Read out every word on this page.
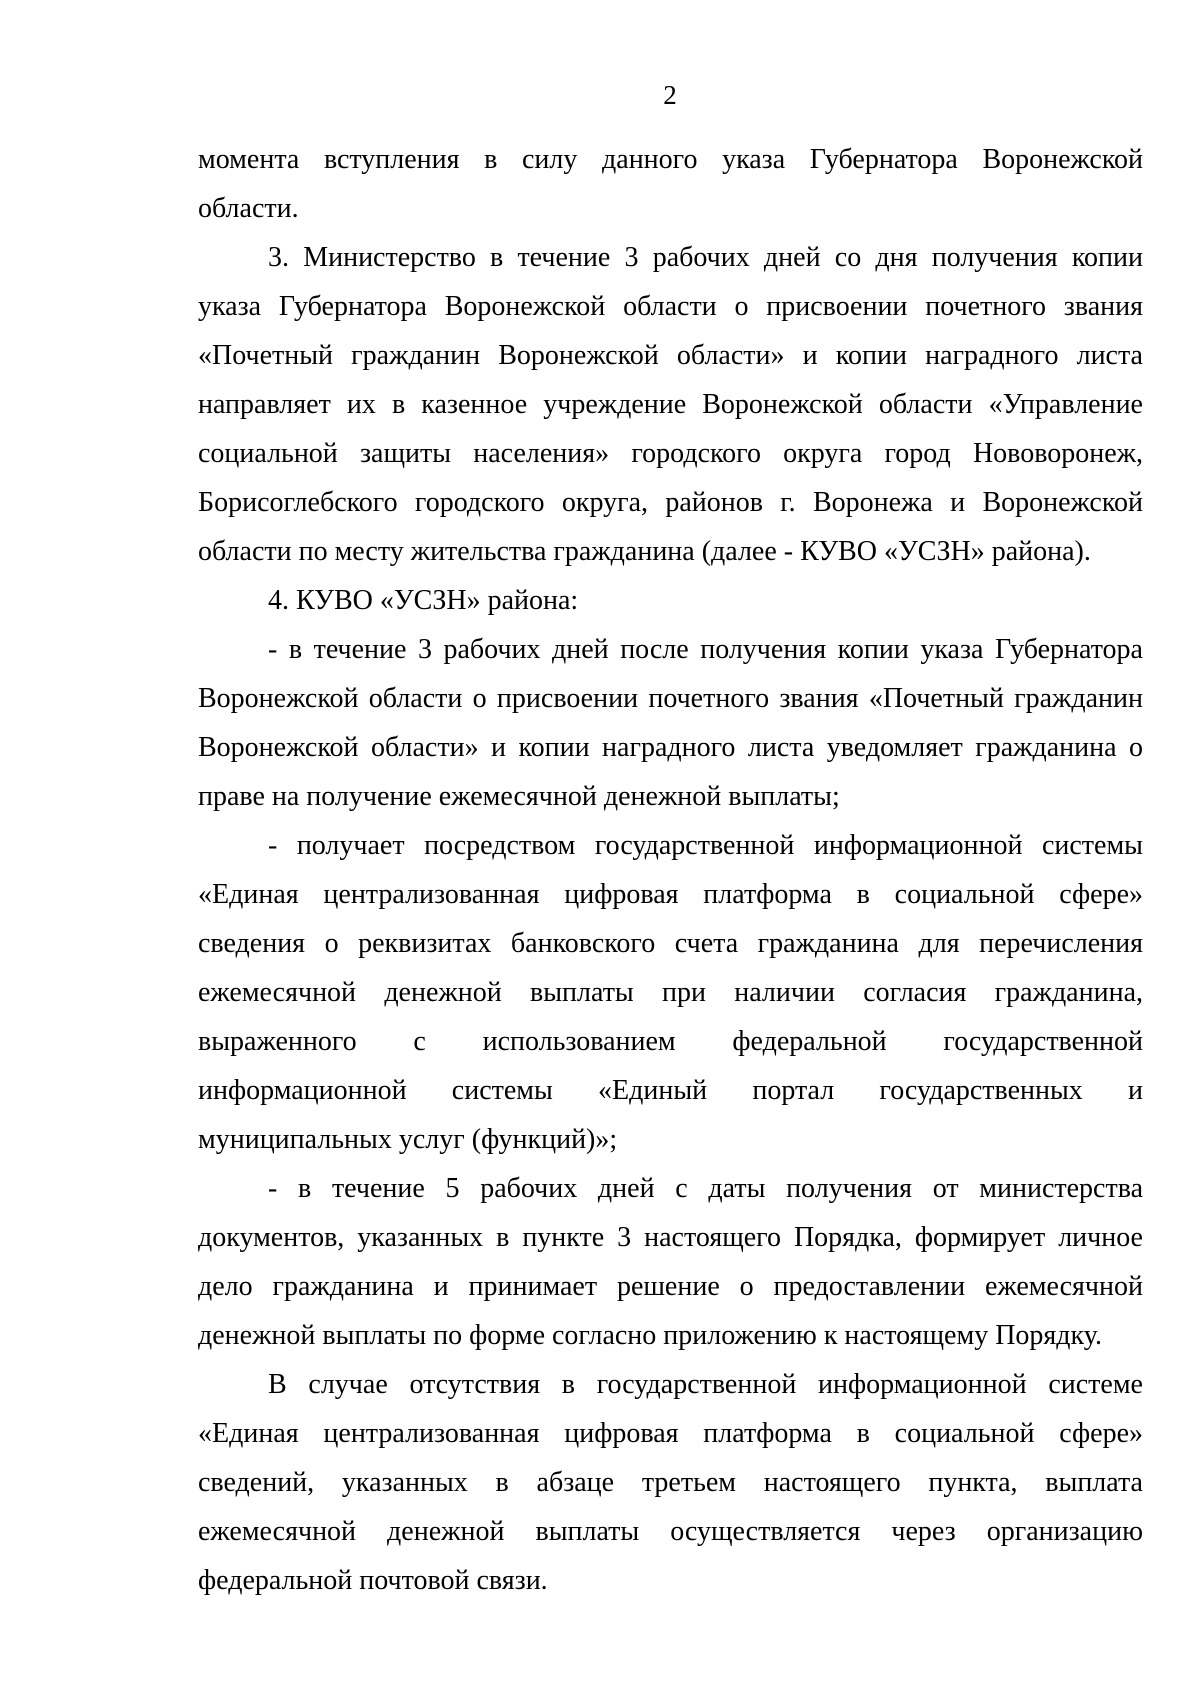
2
момента вступления в силу данного указа Губернатора Воронежской
области.
3. Министерство в течение 3 рабочих дней со дня получения копии
указа Губернатора Воронежской области о присвоении почетного звания
«Почетный гражданин Воронежской области» и копии наградного листа
направляет их в казенное учреждение Воронежской области «Управление
социальной защиты населения» городского округа город Нововоронеж,
Борисоглебского городского округа, районов г. Воронежа и Воронежской
области по месту жительства гражданина (далее - КУВО «УСЗН» района).
4. КУВО «УСЗН» района:
- в течение 3 рабочих дней после получения копии указа Губернатора
Воронежской области о присвоении почетного звания «Почетный гражданин
Воронежской области» и копии наградного листа уведомляет гражданина о
праве на получение ежемесячной денежной выплаты;
- получает посредством государственной информационной системы
«Единая централизованная цифровая платформа в социальной сфере»
сведения о реквизитах банковского счета гражданина для перечисления
ежемесячной денежной выплаты при наличии согласия гражданина,
выраженного с использованием федеральной государственной
информационной системы «Единый портал государственных и
муниципальных услуг (функций)»;
- в течение 5 рабочих дней с даты получения от министерства
документов, указанных в пункте 3 настоящего Порядка, формирует личное
дело гражданина и принимает решение о предоставлении ежемесячной
денежной выплаты по форме согласно приложению к настоящему Порядку.
В случае отсутствия в государственной информационной системе
«Единая централизованная цифровая платформа в социальной сфере»
сведений, указанных в абзаце третьем настоящего пункта, выплата
ежемесячной денежной выплаты осуществляется через организацию
федеральной почтовой связи.
